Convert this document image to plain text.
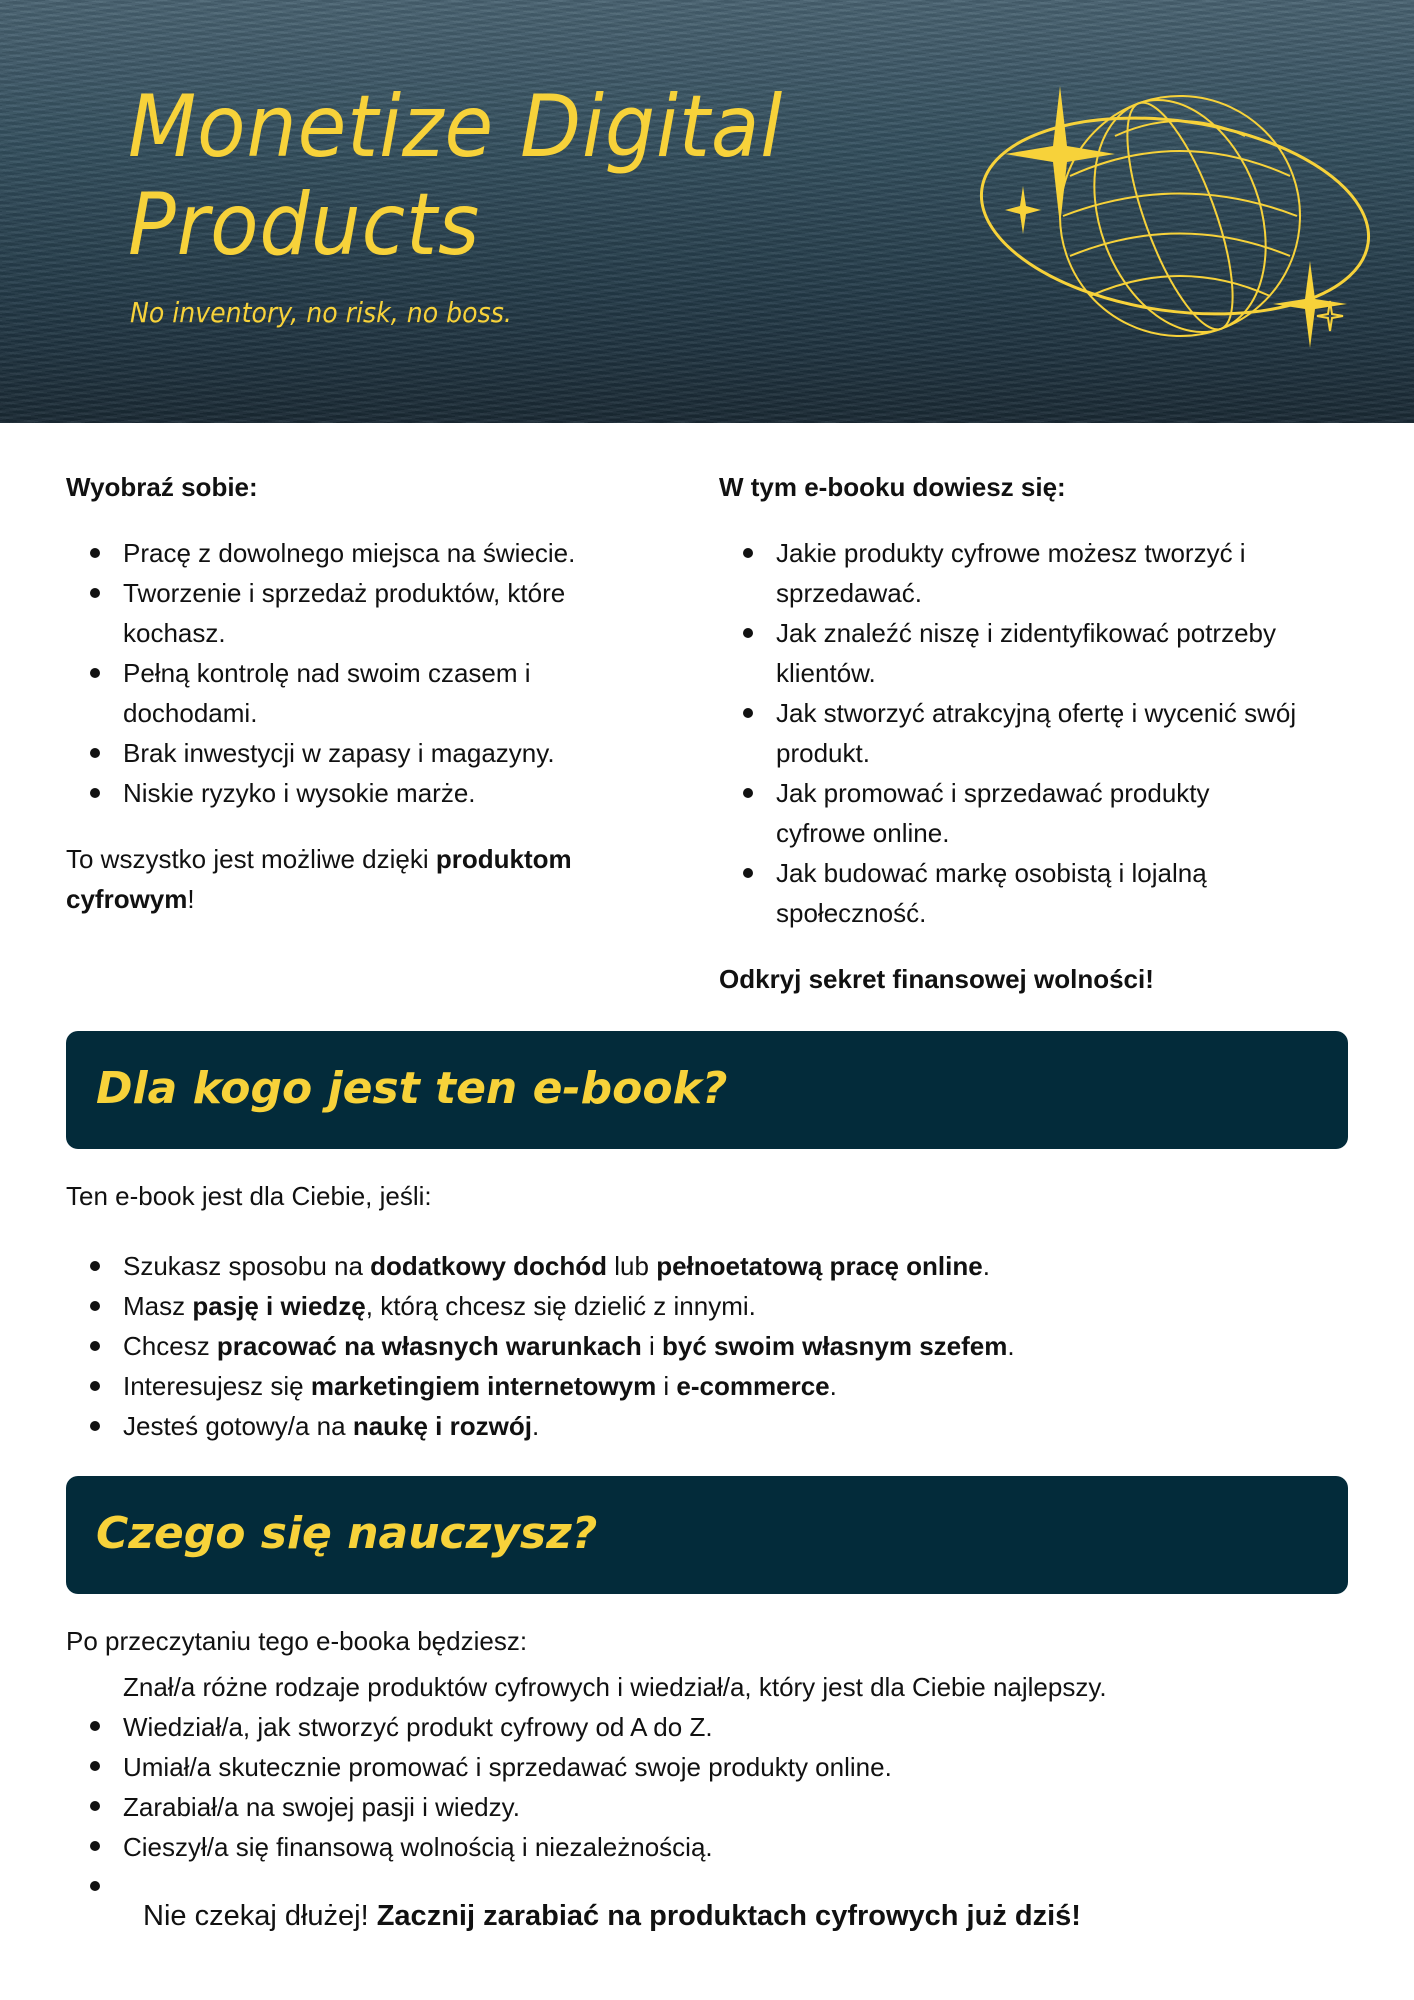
Monetize Digital
Products
No inventory, no risk, no boss.
Wyobraź sobie:
Pracę z dowolnego miejsca na świecie.
Tworzenie i sprzedaż produktów, które kochasz.
Pełną kontrolę nad swoim czasem i dochodami.
Brak inwestycji w zapasy i magazyny.
Niskie ryzyko i wysokie marże.

To wszystko jest możliwe dzięki produktom cyfrowym!

W tym e-booku dowiesz się:
Jakie produkty cyfrowe możesz tworzyć i sprzedawać.
Jak znaleźć niszę i zidentyfikować potrzeby klientów.
Jak stworzyć atrakcyjną ofertę i wycenić swój produkt.
Jak promować i sprzedawać produkty cyfrowe online.
Jak budować markę osobistą i lojalną społeczność.
Odkryj sekret finansowej wolności!
Dla kogo jest ten e-book?
Ten e-book jest dla Ciebie, jeśli:
Szukasz sposobu na dodatkowy dochód lub pełnoetatową pracę online.
Masz pasję i wiedzę, którą chcesz się dzielić z innymi.
Chcesz pracować na własnych warunkach i być swoim własnym szefem.
Interesujesz się marketingiem internetowym i e-commerce.
Jesteś gotowy/a na naukę i rozwój.
Czego się nauczysz?
Po przeczytaniu tego e-booka będziesz:
Znał/a różne rodzaje produktów cyfrowych i wiedział/a, który jest dla Ciebie najlepszy.
Wiedział/a, jak stworzyć produkt cyfrowy od A do Z.
Umiał/a skutecznie promować i sprzedawać swoje produkty online.
Zarabiał/a na swojej pasji i wiedzy.
Cieszył/a się finansową wolnością i niezależnością.
Nie czekaj dłużej! Zacznij zarabiać na produktach cyfrowych już dziś!
